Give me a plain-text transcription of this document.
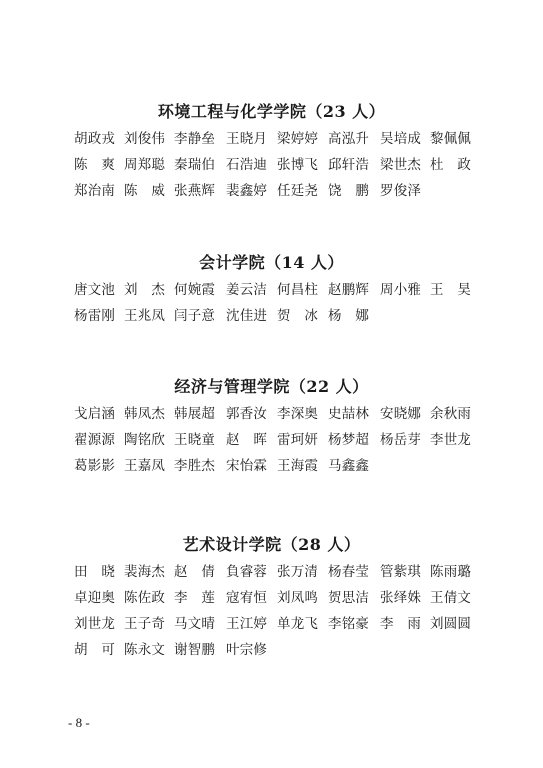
环境工程与化学学院（23 人）
胡政戎 刘俊伟 李静垒 王晓月 梁婷婷 高泓升 吴培成 黎佩佩
陈　爽 周郑聪 秦瑞伯 石浩迪 张博飞 邱轩浩 梁世杰 杜　政
郑治南 陈　威 张燕辉 裴鑫婷 任廷尧 饶　鹏 罗俊泽
会计学院（14 人）
唐文池 刘　杰 何婉霞 姜云洁 何昌柱 赵鹏辉 周小雅 王　昊
杨雷刚 王兆凤 闫子意 沈佳进 贺　冰 杨　娜
经济与管理学院（22 人）
戈启涵 韩凤杰 韩展超 郭香汝 李深奥 史喆林 安晓娜 余秋雨
翟源源 陶铭欣 王晓童 赵　晖 雷珂妍 杨梦超 杨岳芽 李世龙
葛影影 王嘉凤 李胜杰 宋怡霖 王海霞 马鑫鑫
艺术设计学院（28 人）
田　晓 裴海杰 赵　倩 負睿蓉 张万清 杨春莹 管紫琪 陈雨璐
卓迎奥 陈佐政 李　莲 寇宥恒 刘凤鸣 贺思洁 张绎姝 王倩文
刘世龙 王子奇 马文晴 王江婷 单龙飞 李铭豪 李　雨 刘圆圆
胡　可 陈永文 谢智鹏 叶宗修
- 8 -
